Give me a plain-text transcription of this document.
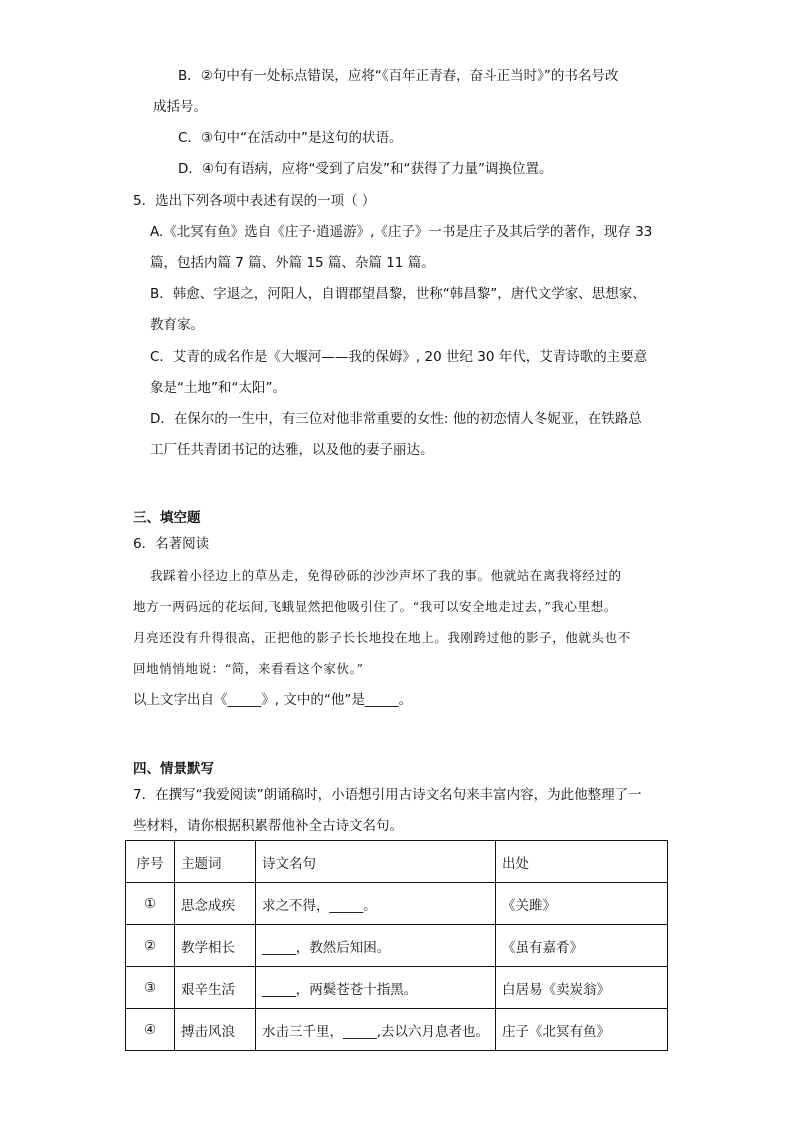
B．②句中有一处标点错误，应将“《百年正青春，奋斗正当时》”的书名号改
成括号。
C．③句中“在活动中”是这句的状语。
D．④句有语病，应将“受到了启发”和“获得了力量”调换位置。
5．选出下列各项中表述有误的一项（ ）
A.《北冥有鱼》选自《庄子·逍遥游》,《庄子》一书是庄子及其后学的著作，现存 33
篇，包括内篇 7 篇、外篇 15 篇、杂篇 11 篇。
B．韩愈、字退之，河阳人，自谓郡望昌黎，世称“韩昌黎”，唐代文学家、思想家、
教育家。
C．艾青的成名作是《大堰河——我的保姆》, 20 世纪 30 年代，艾青诗歌的主要意
象是“土地”和“太阳”。
D．在保尔的一生中，有三位对他非常重要的女性: 他的初恋情人冬妮亚，在铁路总
工厂任共青团书记的达雅，以及他的妻子丽达。
三、填空题
6．名著阅读
我踩着小径边上的草丛走，免得砂砾的沙沙声坏了我的事。他就站在离我将经过的
地方一两码远的花坛间,飞蛾显然把他吸引住了。“我可以安全地走过去，”我心里想。
月亮还没有升得很高，正把他的影子长长地投在地上。我刚跨过他的影子，他就头也不
回地悄悄地说：“简，来看看这个家伙。”
以上文字出自《_____》, 文中的“他”是_____。
四、情景默写
7．在撰写“我爱阅读”朗诵稿时，小语想引用古诗文名句来丰富内容，为此他整理了一
些材料，请你根据积累帮他补全古诗文名句。
序号	主题词	诗文名句	出处
①	思念成疾	求之不得，_____。	《关雎》
②	教学相长	_____，教然后知困。	《虽有嘉肴》
③	艰辛生活	_____，两鬓苍苍十指黑。	白居易《卖炭翁》
④	搏击风浪	水击三千里，_____,去以六月息者也。	庄子《北冥有鱼》
